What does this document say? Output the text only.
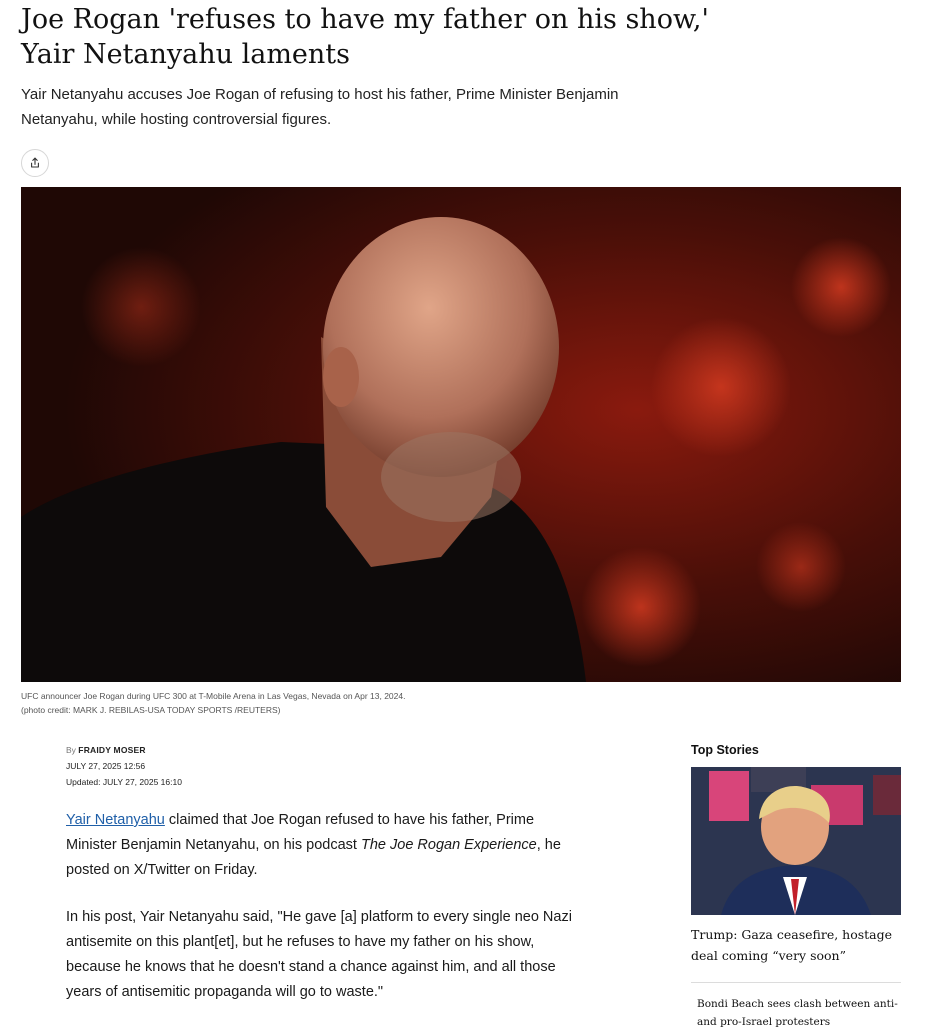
Joe Rogan 'refuses to have my father on his show,' Yair Netanyahu laments

Yair Netanyahu accuses Joe Rogan of refusing to host his father, Prime Minister Benjamin Netanyahu, while hosting controversial figures.

UFC announcer Joe Rogan during UFC 300 at T-Mobile Arena in Las Vegas, Nevada on Apr 13, 2024.
(photo credit: MARK J. REBILAS-USA TODAY SPORTS /REUTERS)
By FRAIDY MOSER
JULY 27, 2025 12:56
Updated: JULY 27, 2025 16:10

Yair Netanyahu claimed that Joe Rogan refused to have his father, Prime Minister Benjamin Netanyahu, on his podcast The Joe Rogan Experience, he posted on X/Twitter on Friday.

In his post, Yair Netanyahu said, "He gave [a] platform to every single neo Nazi antisemite on this plant[et], but he refuses to have my father on his show, because he knows that he doesn't stand a chance against him, and all those years of antisemitic propaganda will go to waste."

Top Stories
Trump: Gaza ceasefire, hostage deal coming “very soon”
Bondi Beach sees clash between anti- and pro-Israel protesters
